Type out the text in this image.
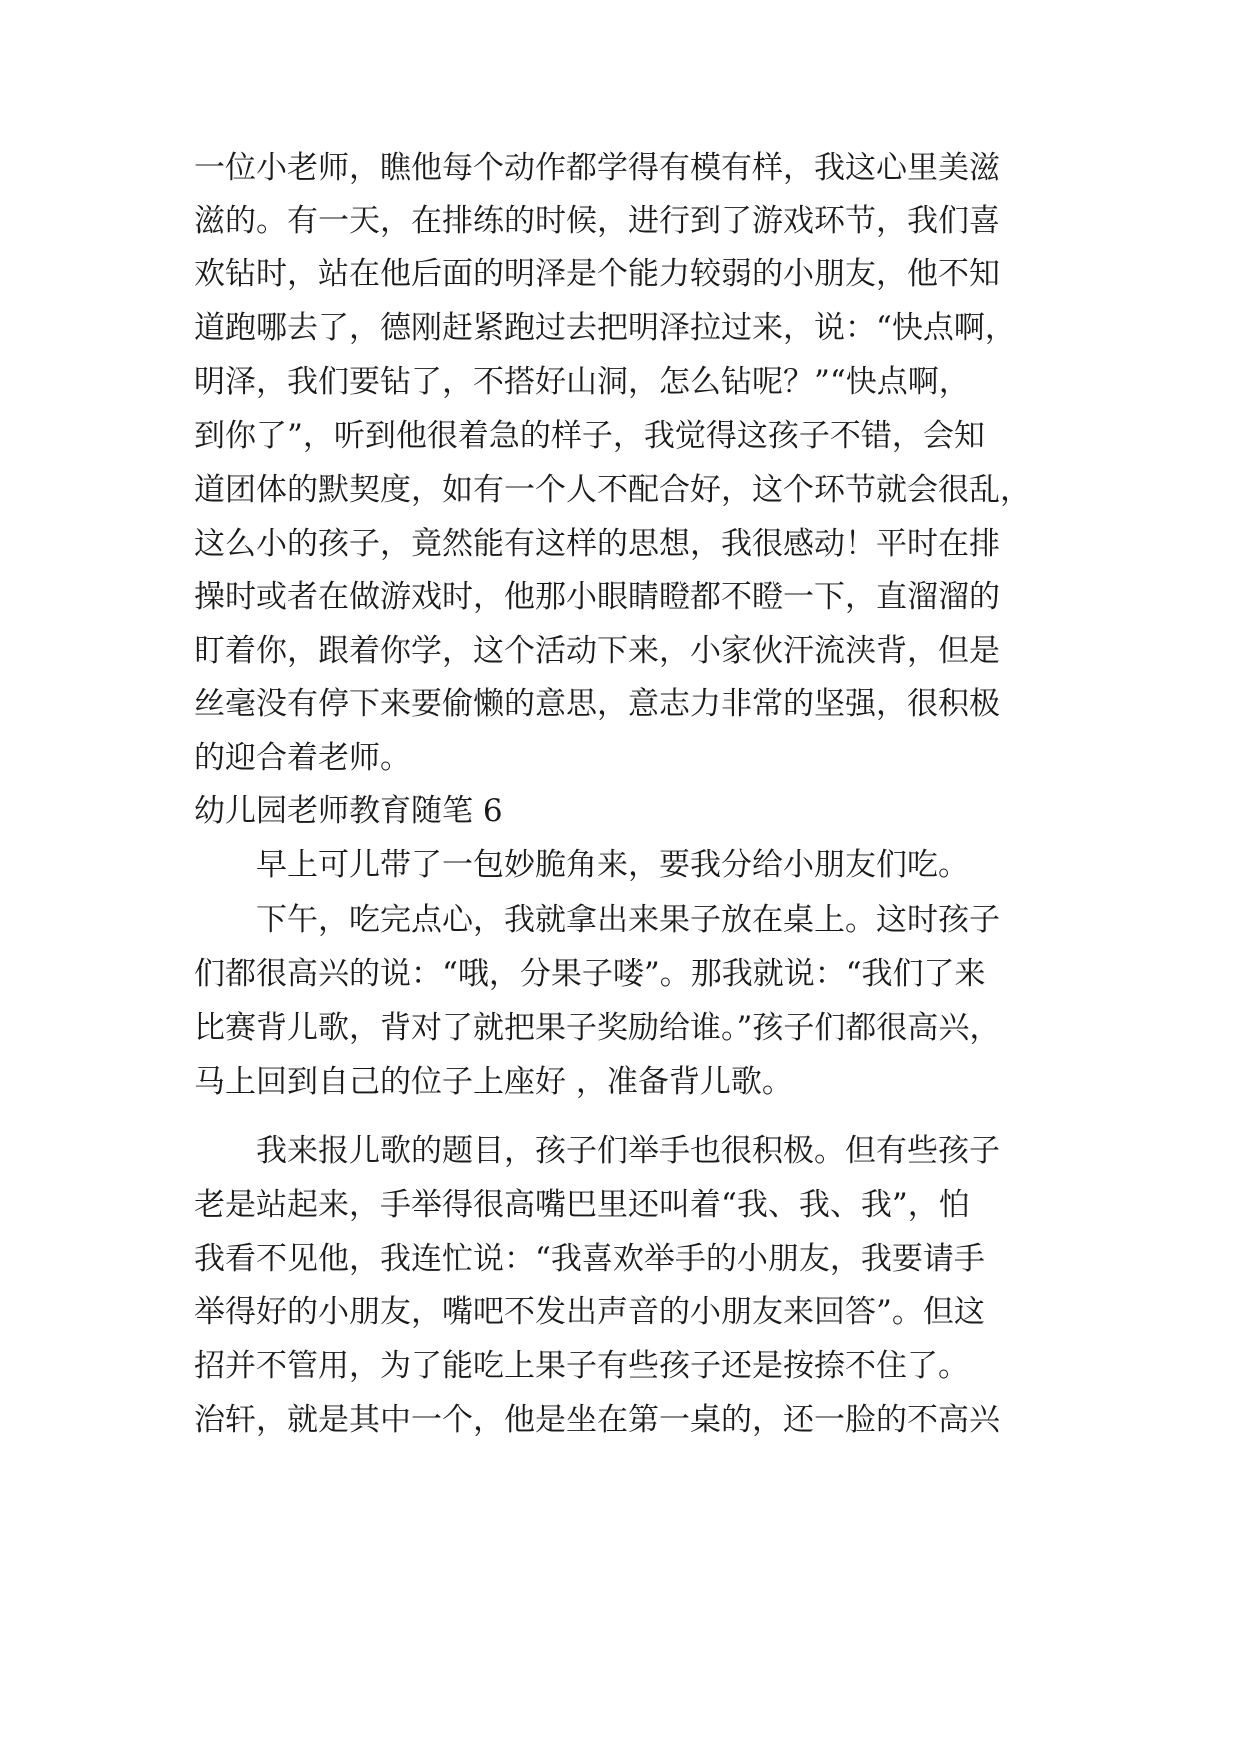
一位小老师，瞧他每个动作都学得有模有样，我这心里美滋
滋的。有一天，在排练的时候，进行到了游戏环节，我们喜
欢钻时，站在他后面的明泽是个能力较弱的小朋友，他不知
道跑哪去了，德刚赶紧跑过去把明泽拉过来，说：“快点啊，
明泽，我们要钻了，不搭好山洞，怎么钻呢？”“快点啊，
到你了”，听到他很着急的样子，我觉得这孩子不错，会知
道团体的默契度，如有一个人不配合好，这个环节就会很乱，
这么小的孩子，竟然能有这样的思想，我很感动！平时在排
操时或者在做游戏时，他那小眼睛瞪都不瞪一下，直溜溜的
盯着你，跟着你学，这个活动下来，小家伙汗流浃背，但是
丝毫没有停下来要偷懒的意思，意志力非常的坚强，很积极
的迎合着老师。
幼儿园老师教育随笔 6
早上可儿带了一包妙脆角来，要我分给小朋友们吃。
下午，吃完点心，我就拿出来果子放在桌上。这时孩子
们都很高兴的说：“哦，分果子喽”。那我就说：“我们了来
比赛背儿歌，背对了就把果子奖励给谁。”孩子们都很高兴，
马上回到自己的位子上座好 ，准备背儿歌。
我来报儿歌的题目，孩子们举手也很积极。但有些孩子
老是站起来，手举得很高嘴巴里还叫着“我、我、我”，怕
我看不见他，我连忙说：“我喜欢举手的小朋友，我要请手
举得好的小朋友，嘴吧不发出声音的小朋友来回答”。但这
招并不管用，为了能吃上果子有些孩子还是按捺不住了。
治轩，就是其中一个，他是坐在第一桌的，还一脸的不高兴
